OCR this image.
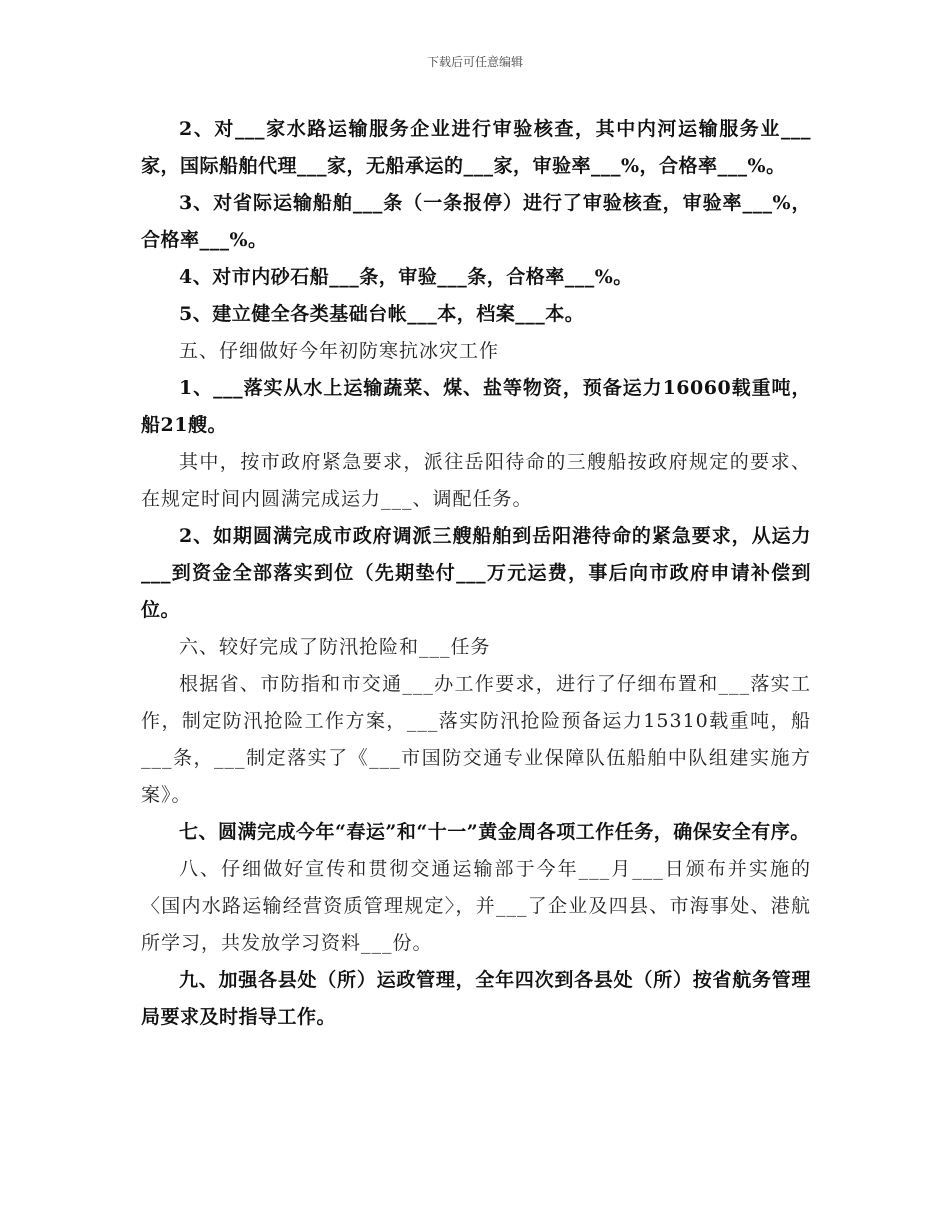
下载后可任意编辑

2、对___家水路运输服务企业进行审验核查，其中内河运输服务业___家，国际船舶代理___家，无船承运的___家，审验率___%，合格率___%。

3、对省际运输船舶___条（一条报停）进行了审验核查，审验率___%，合格率___%。

4、对市内砂石船___条，审验___条，合格率___%。

5、建立健全各类基础台帐___本，档案___本。

五、仔细做好今年初防寒抗冰灾工作

1、___落实从水上运输蔬菜、煤、盐等物资，预备运力16060载重吨，船21艘。

其中，按市政府紧急要求，派往岳阳待命的三艘船按政府规定的要求、在规定时间内圆满完成运力___、调配任务。

2、如期圆满完成市政府调派三艘船舶到岳阳港待命的紧急要求，从运力___到资金全部落实到位（先期垫付___万元运费，事后向市政府申请补偿到位。

六、较好完成了防汛抢险和___任务

根据省、市防指和市交通___办工作要求，进行了仔细布置和___落实工作，制定防汛抢险工作方案，___落实防汛抢险预备运力15310载重吨，船___条，___制定落实了《___市国防交通专业保障队伍船舶中队组建实施方案》。

七、圆满完成今年“春运”和“十一”黄金周各项工作任务，确保安全有序。

八、仔细做好宣传和贯彻交通运输部于今年___月___日颁布并实施的〈国内水路运输经营资质管理规定〉，并___了企业及四县、市海事处、港航所学习，共发放学习资料___份。

九、加强各县处（所）运政管理，全年四次到各县处（所）按省航务管理局要求及时指导工作。
